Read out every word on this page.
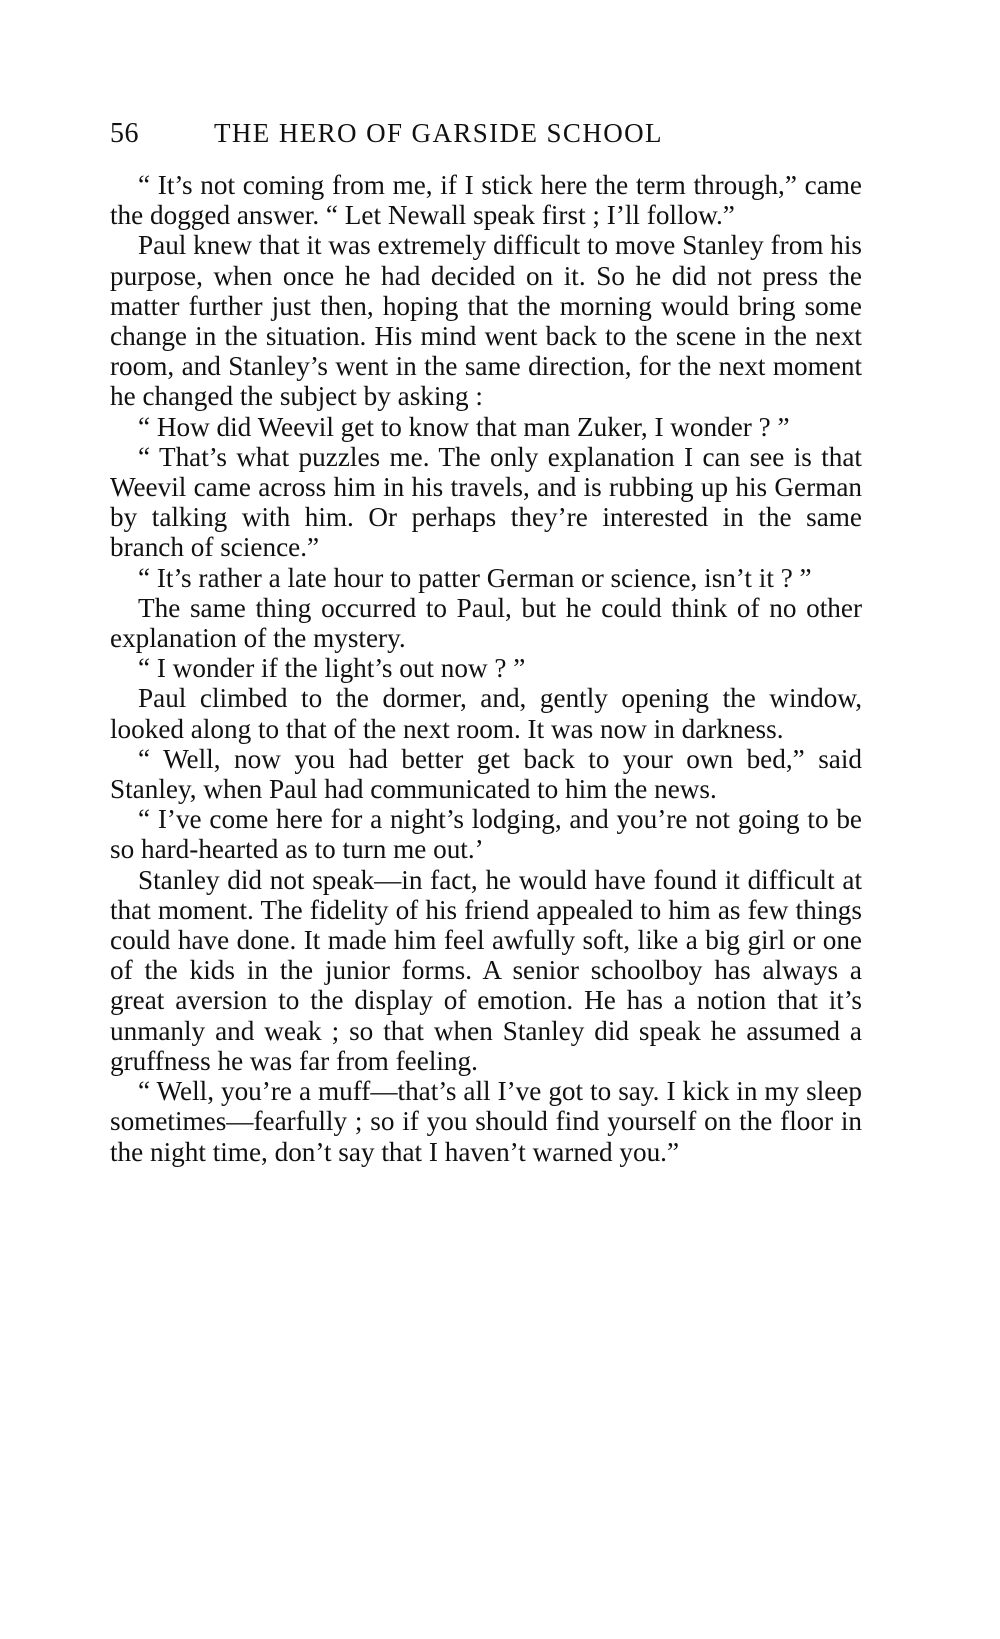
56	THE HERO OF GARSIDE SCHOOL

“ It’s not coming from me, if I stick here the term through,” came the dogged answer. “ Let Newall speak first ; I’ll follow.”

Paul knew that it was extremely difficult to move Stanley from his purpose, when once he had decided on it. So he did not press the matter further just then, hoping that the morning would bring some change in the situation. His mind went back to the scene in the next room, and Stanley’s went in the same direction, for the next moment he changed the subject by asking :

“ How did Weevil get to know that man Zuker, I wonder ? ”

“ That’s what puzzles me. The only explanation I can see is that Weevil came across him in his travels, and is rubbing up his German by talking with him. Or perhaps they’re interested in the same branch of science.”

“ It’s rather a late hour to patter German or science, isn’t it ? ”

The same thing occurred to Paul, but he could think of no other explanation of the mystery.

“ I wonder if the light’s out now ? ”

Paul climbed to the dormer, and, gently opening the window, looked along to that of the next room. It was now in darkness.

“ Well, now you had better get back to your own bed,” said Stanley, when Paul had communicated to him the news.

“ I’ve come here for a night’s lodging, and you’re not going to be so hard-hearted as to turn me out.’

Stanley did not speak—in fact, he would have found it difficult at that moment. The fidelity of his friend appealed to him as few things could have done. It made him feel awfully soft, like a big girl or one of the kids in the junior forms. A senior schoolboy has always a great aversion to the display of emotion. He has a notion that it’s unmanly and weak ; so that when Stanley did speak he assumed a gruffness he was far from feeling.

“ Well, you’re a muff—that’s all I’ve got to say. I kick in my sleep sometimes—fearfully ; so if you should find yourself on the floor in the night time, don’t say that I haven’t warned you.”
